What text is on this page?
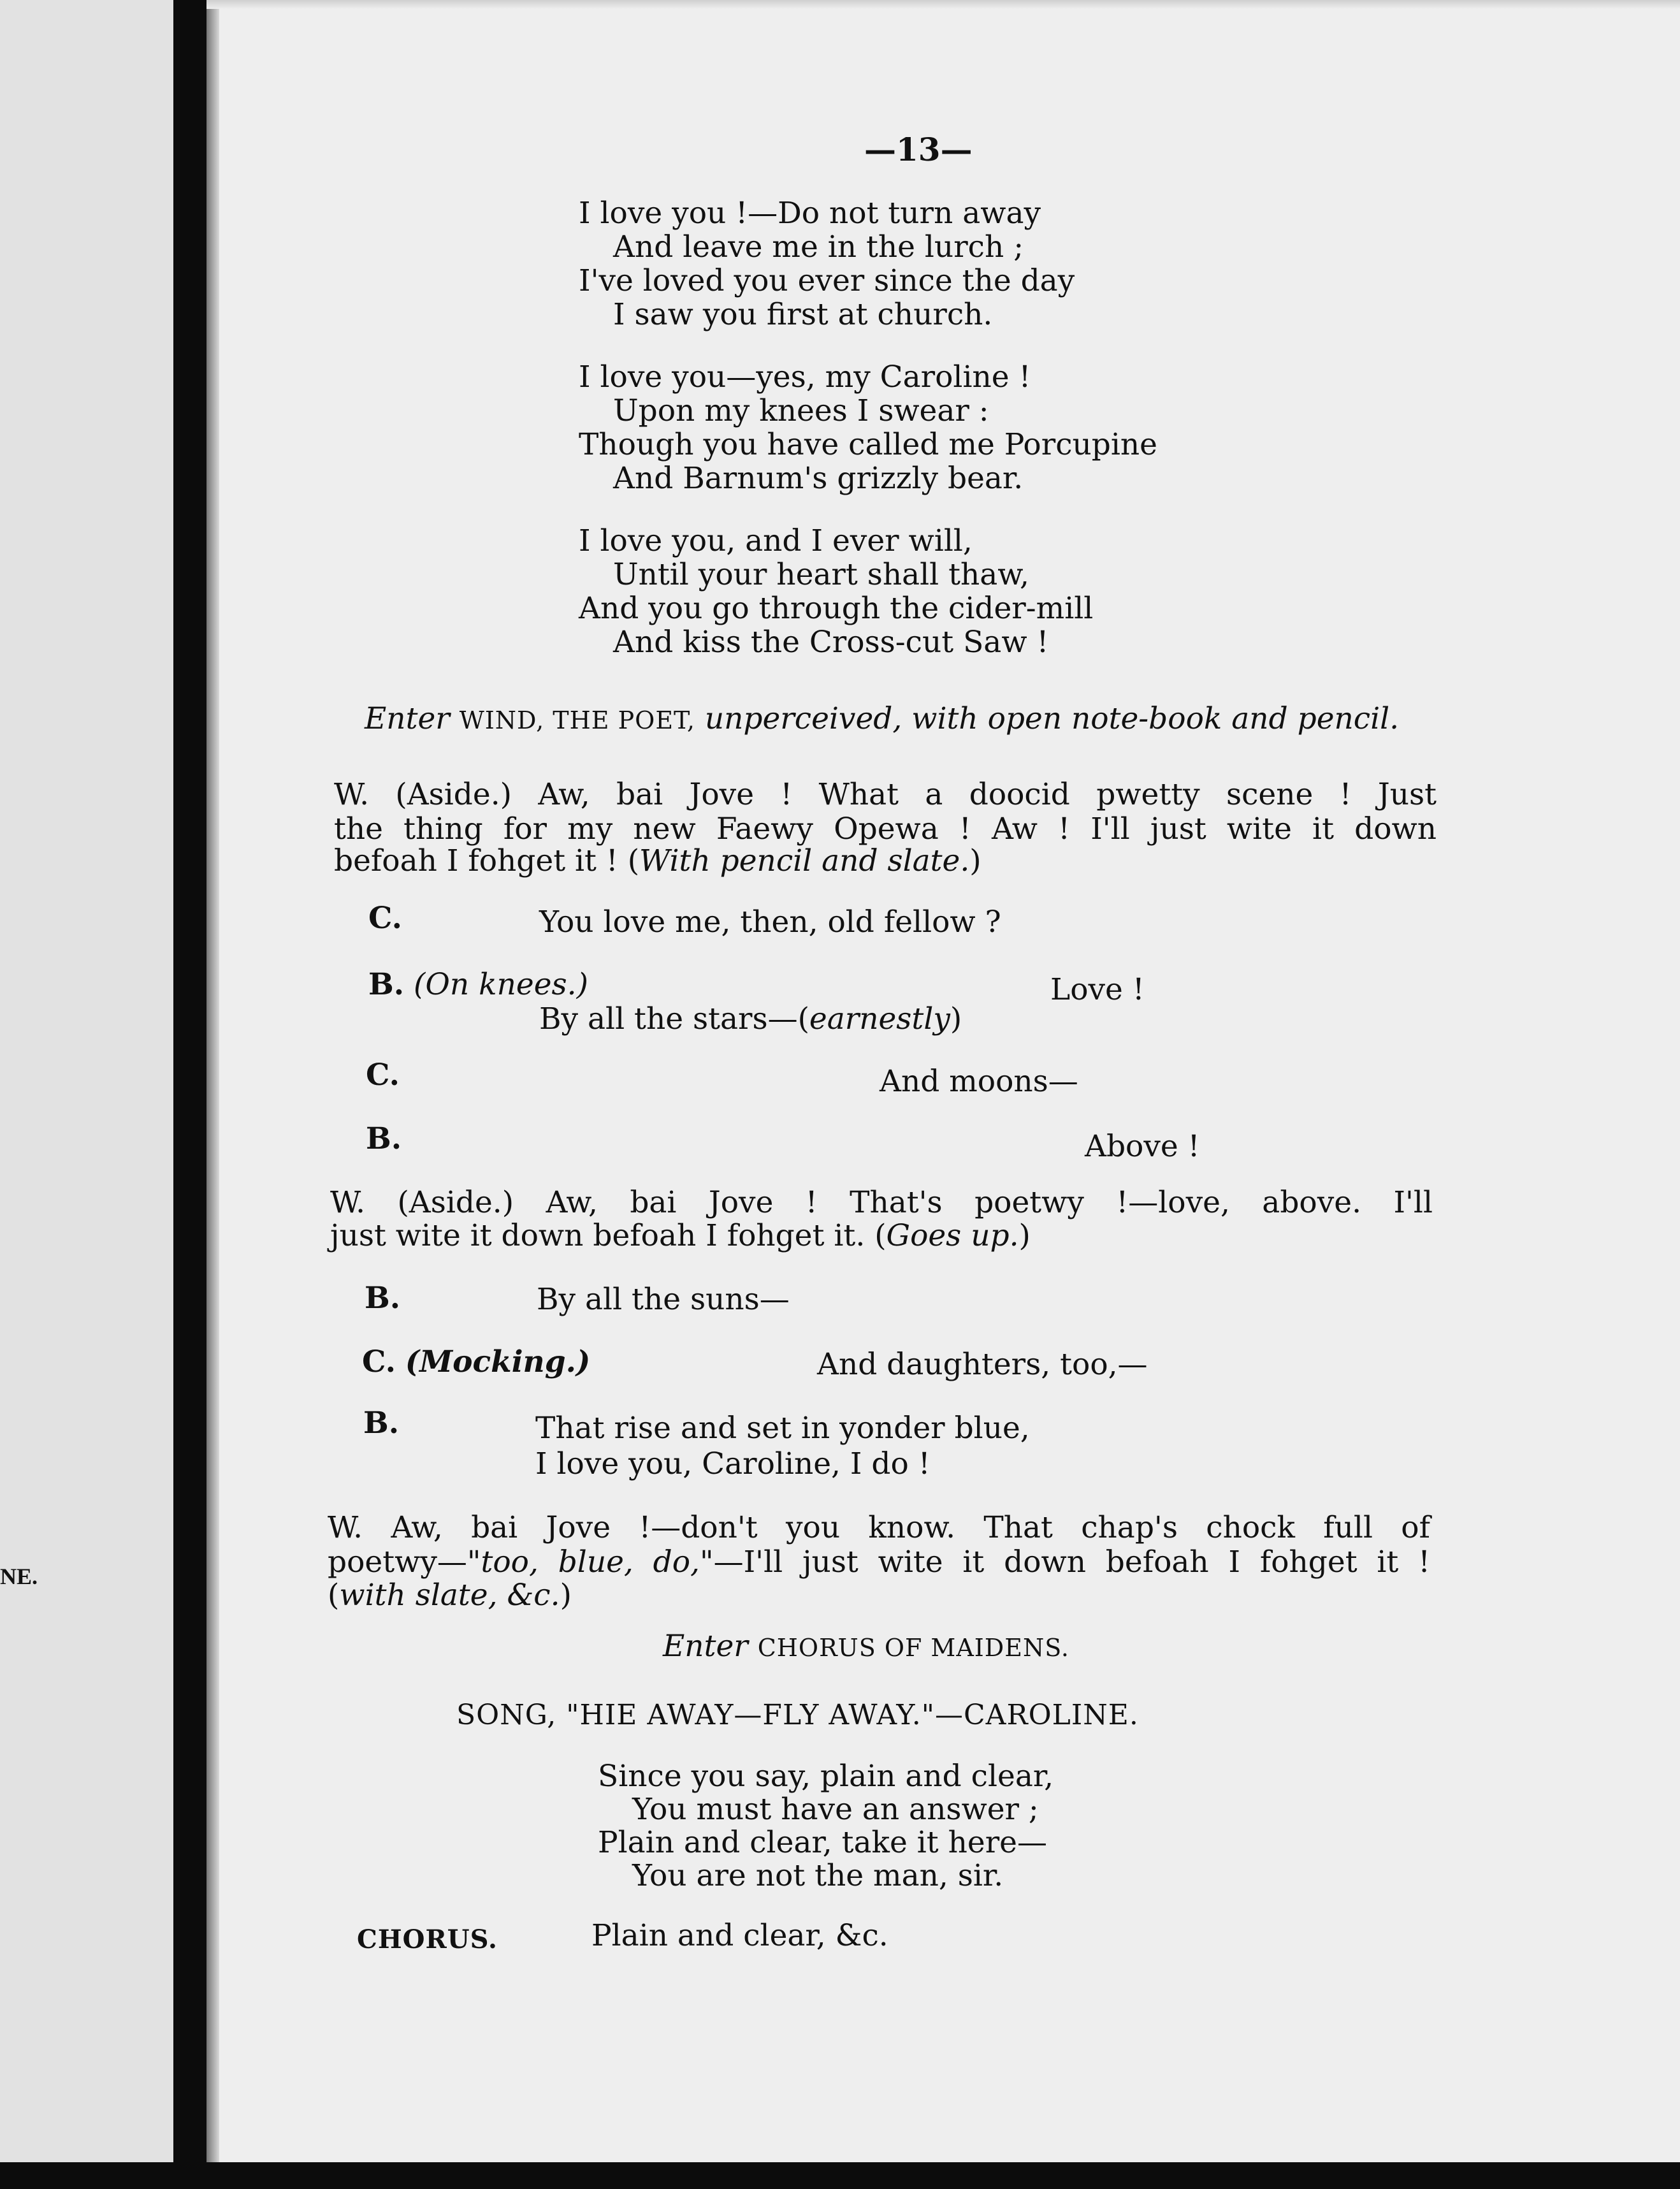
NE.
—13—
I love you !—Do not turn away
And leave me in the lurch ;
I've loved you ever since the day
I saw you first at church.
I love you—yes, my Caroline !
Upon my knees I swear :
Though you have called me Porcupine
And Barnum's grizzly bear.
I love you, and I ever will,
Until your heart shall thaw,
And you go through the cider-mill
And kiss the Cross-cut Saw !
Enter WIND, THE POET, unperceived, with open note-book and pencil.
W. (Aside.) Aw, bai Jove ! What a doocid pwetty scene ! Just
the thing for my new Faewy Opewa ! Aw ! I'll just wite it down
befoah I fohget it ! (With pencil and slate.)
C.	You love me, then, old fellow ?
B. (On knees.)	Love !
By all the stars—(earnestly)
C.	And moons—
B.	Above !
W. (Aside.) Aw, bai Jove ! That's poetwy !—love, above. I'll
just wite it down befoah I fohget it. (Goes up.)
B.	By all the suns—
C. (Mocking.)	And daughters, too,—
B.	That rise and set in yonder blue,
I love you, Caroline, I do !
W. Aw, bai Jove !—don't you know. That chap's chock full of
poetwy—"too, blue, do,"—I'll just wite it down befoah I fohget it !
(with slate, &c.)
Enter CHORUS OF MAIDENS.
SONG, "HIE AWAY—FLY AWAY."—CAROLINE.
Since you say, plain and clear,
You must have an answer ;
Plain and clear, take it here—
You are not the man, sir.
CHORUS.	Plain and clear, &c.
